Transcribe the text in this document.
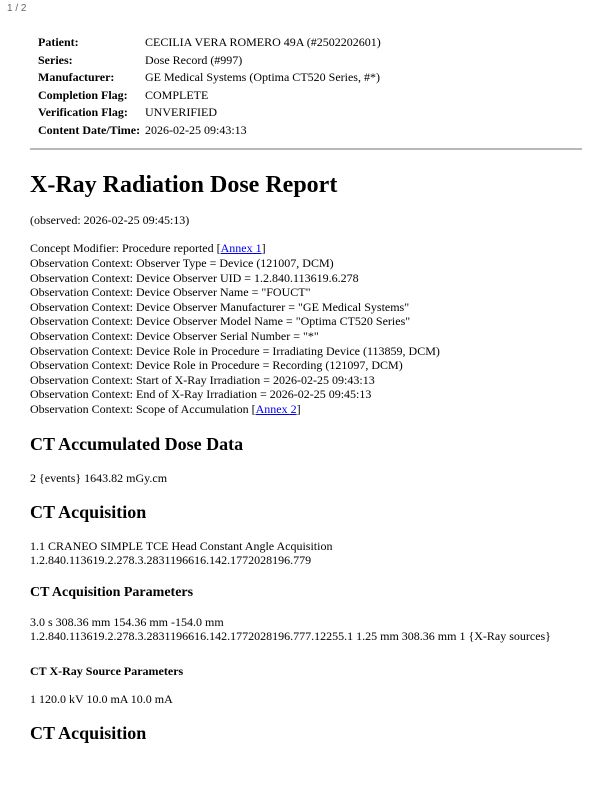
1 / 2
Patient:	CECILIA VERA ROMERO 49A (#2502202601)
Series:	Dose Record (#997)
Manufacturer:	GE Medical Systems (Optima CT520 Series, #*)
Completion Flag:	COMPLETE
Verification Flag:	UNVERIFIED
Content Date/Time:	2026-02-25 09:43:13
X-Ray Radiation Dose Report

(observed: 2026-02-25 09:45:13)

Concept Modifier: Procedure reported [Annex 1]
Observation Context: Observer Type = Device (121007, DCM)
Observation Context: Device Observer UID = 1.2.840.113619.6.278
Observation Context: Device Observer Name = "FOUCT"
Observation Context: Device Observer Manufacturer = "GE Medical Systems"
Observation Context: Device Observer Model Name = "Optima CT520 Series"
Observation Context: Device Observer Serial Number = "*"
Observation Context: Device Role in Procedure = Irradiating Device (113859, DCM)
Observation Context: Device Role in Procedure = Recording (121097, DCM)
Observation Context: Start of X-Ray Irradiation = 2026-02-25 09:43:13
Observation Context: End of X-Ray Irradiation = 2026-02-25 09:45:13
Observation Context: Scope of Accumulation [Annex 2]
CT Accumulated Dose Data

2 {events} 1643.82 mGy.cm

CT Acquisition

1.1 CRANEO SIMPLE TCE Head Constant Angle Acquisition
1.2.840.113619.2.278.3.2831196616.142.1772028196.779

CT Acquisition Parameters

3.0 s 308.36 mm 154.36 mm -154.0 mm
1.2.840.113619.2.278.3.2831196616.142.1772028196.777.12255.1 1.25 mm 308.36 mm 1 {X-Ray sources}

CT X-Ray Source Parameters

1 120.0 kV 10.0 mA 10.0 mA

CT Acquisition
